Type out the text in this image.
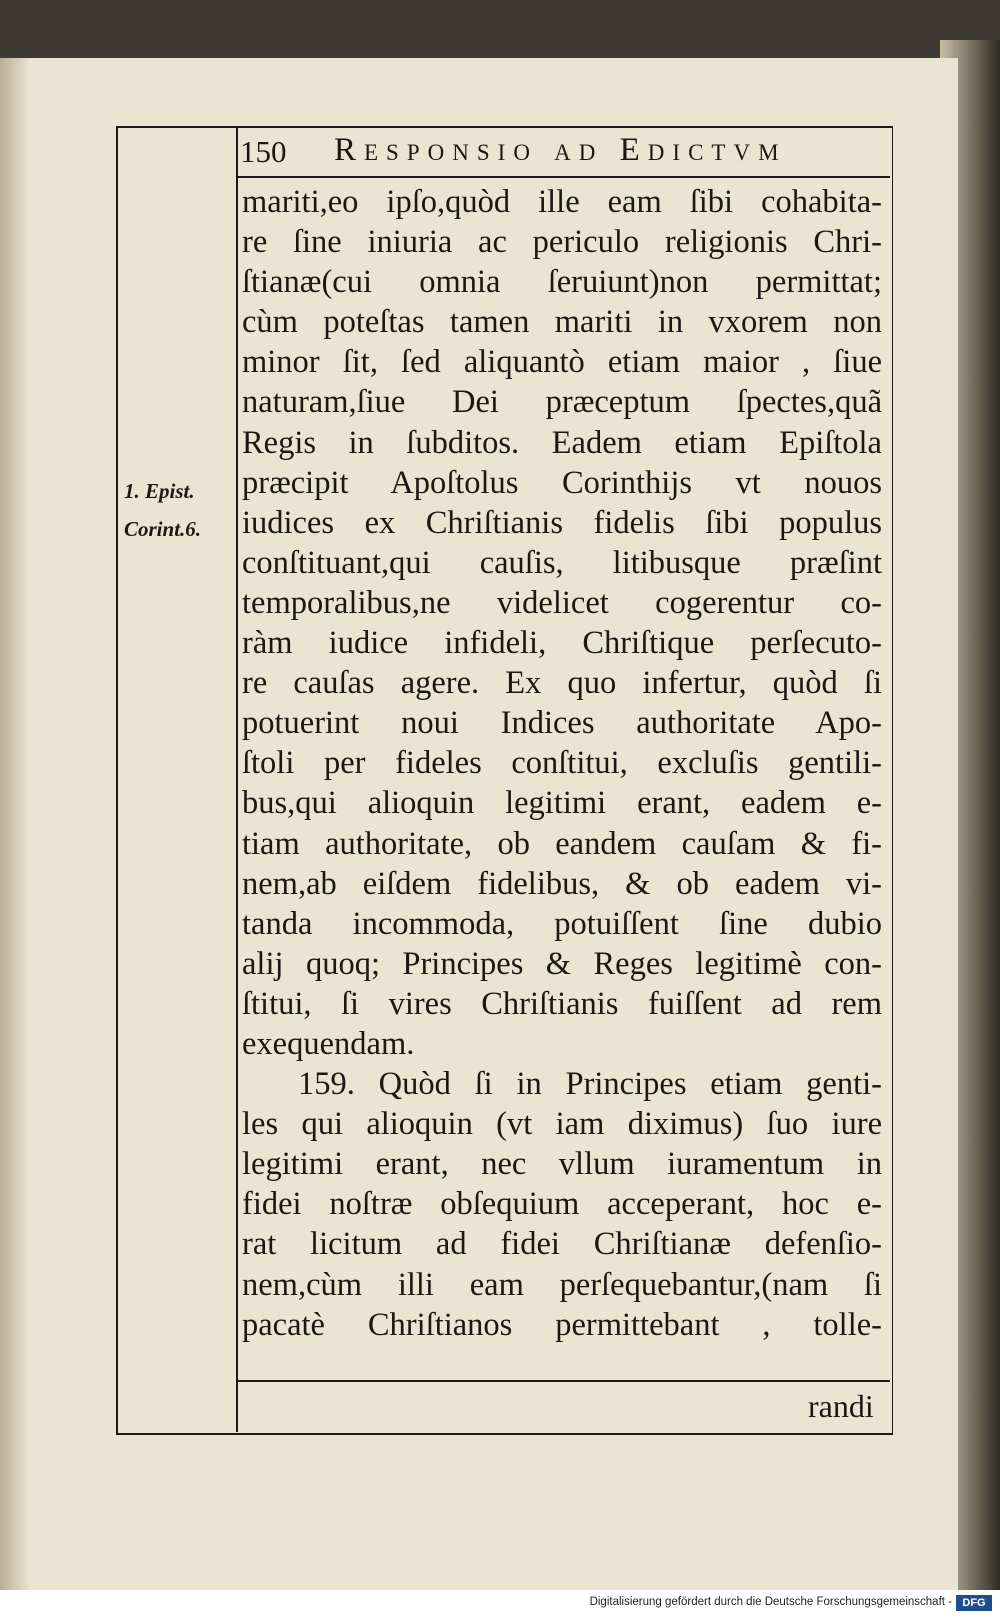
150 Responsio ad Edictvm
1. Epist.
Corint.6.
mariti,eo ipſo,quòd ille eam ſibi cohabita-
re ſine iniuria ac periculo religionis Chri-
ſtianæ(cui omnia ſeruiunt)non permittat;
cùm poteſtas tamen mariti in vxorem non
minor ſit, ſed aliquantò etiam maior , ſiue
naturam,ſiue Dei præceptum ſpectes,quã
Regis in ſubditos. Eadem etiam Epiſtola
præcipit Apoſtolus Corinthijs vt nouos
iudices ex Chriſtianis fidelis ſibi populus
conſtituant,qui cauſis, litibusque præſint
temporalibus,ne videlicet cogerentur co-
ràm iudice infideli, Chriſtique perſecuto-
re cauſas agere. Ex quo infertur, quòd ſi
potuerint noui Indices authoritate Apo-
ſtoli per fideles conſtitui, excluſis gentili-
bus,qui alioquin legitimi erant, eadem e-
tiam authoritate, ob eandem cauſam & fi-
nem,ab eiſdem fidelibus, & ob eadem vi-
tanda incommoda, potuiſſent ſine dubio
alij quoq; Principes & Reges legitimè con-
ſtitui, ſi vires Chriſtianis fuiſſent ad rem
exequendam.
159. Quòd ſi in Principes etiam genti-
les qui alioquin (vt iam diximus) ſuo iure
legitimi erant, nec vllum iuramentum in
fidei noſtræ obſequium acceperant, hoc e-
rat licitum ad fidei Chriſtianæ defenſio-
nem,cùm illi eam perſequebantur,(nam ſi
pacatè Chriſtianos permittebant , tolle-
randi
Digitalisierung gefördert durch die Deutsche Forschungsgemeinschaft - DFG
